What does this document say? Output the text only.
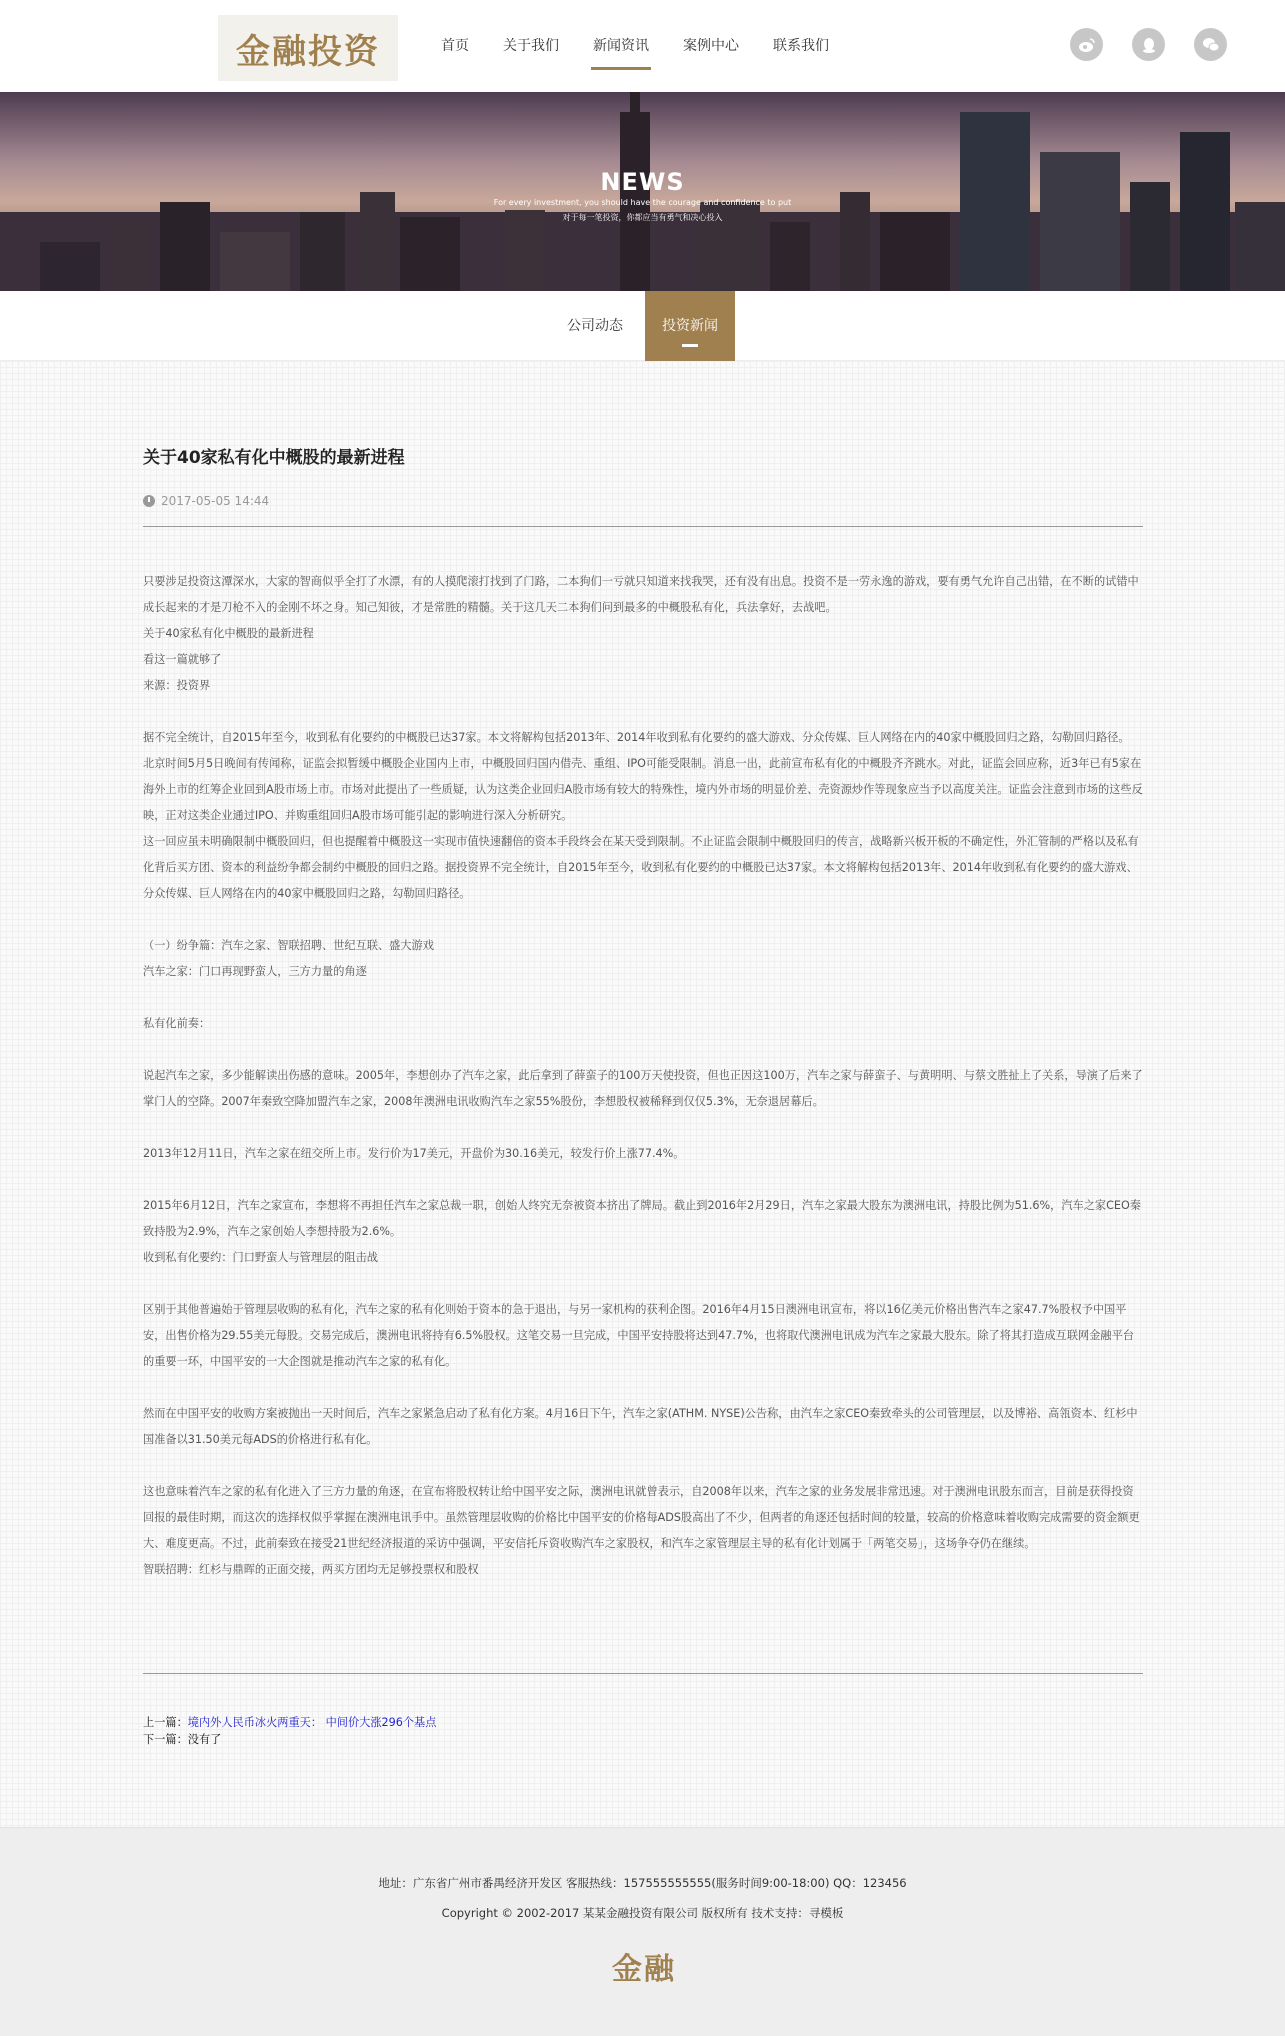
金融投资	首页	关于我们	新闻资讯	案例中心	联系我们
NEWS
For every investment, you should have the courage and confidence to put
对于每一笔投资，你都应当有勇气和决心投入
公司动态	投资新闻
关于40家私有化中概股的最新进程
2017-05-05 14:44

只要涉足投资这潭深水，大家的智商似乎全打了水漂，有的人摸爬滚打找到了门路，二本狗们一亏就只知道来找我哭，还有没有出息。投资不是一劳永逸的游戏，要有勇气允许自己出错，在不断的试错中成长起来的才是刀枪不入的金刚不坏之身。知己知彼，才是常胜的精髓。关于这几天二本狗们问到最多的中概股私有化，兵法拿好，去战吧。

关于40家私有化中概股的最新进程

看这一篇就够了

来源：投资界

据不完全统计，自2015年至今，收到私有化要约的中概股已达37家。本文将解构包括2013年、2014年收到私有化要约的盛大游戏、分众传媒、巨人网络在内的40家中概股回归之路，勾勒回归路径。

北京时间5月5日晚间有传闻称，证监会拟暂缓中概股企业国内上市，中概股回归国内借壳、重组、IPO可能受限制。消息一出，此前宣布私有化的中概股齐齐跳水。对此，证监会回应称，近3年已有5家在海外上市的红筹企业回到A股市场上市。市场对此提出了一些质疑，认为这类企业回归A股市场有较大的特殊性，境内外市场的明显价差、壳资源炒作等现象应当予以高度关注。证监会注意到市场的这些反映，正对这类企业通过IPO、并购重组回归A股市场可能引起的影响进行深入分析研究。

这一回应虽未明确限制中概股回归，但也提醒着中概股这一实现市值快速翻倍的资本手段终会在某天受到限制。不止证监会限制中概股回归的传言，战略新兴板开板的不确定性，外汇管制的严格以及私有化背后买方团、资本的利益纷争都会制约中概股的回归之路。据投资界不完全统计，自2015年至今，收到私有化要约的中概股已达37家。本文将解构包括2013年、2014年收到私有化要约的盛大游戏、分众传媒、巨人网络在内的40家中概股回归之路，勾勒回归路径。

（一）纷争篇：汽车之家、智联招聘、世纪互联、盛大游戏

汽车之家：门口再现野蛮人，三方力量的角逐

私有化前奏：

说起汽车之家，多少能解读出伤感的意味。2005年，李想创办了汽车之家，此后拿到了薛蛮子的100万天使投资，但也正因这100万，汽车之家与薛蛮子、与黄明明、与蔡文胜扯上了关系，导演了后来了掌门人的空降。2007年秦致空降加盟汽车之家，2008年澳洲电讯收购汽车之家55%股份，李想股权被稀释到仅仅5.3%，无奈退居幕后。

2013年12月11日，汽车之家在纽交所上市。发行价为17美元，开盘价为30.16美元，较发行价上涨77.4%。

2015年6月12日，汽车之家宣布，李想将不再担任汽车之家总裁一职，创始人终究无奈被资本挤出了牌局。截止到2016年2月29日，汽车之家最大股东为澳洲电讯，持股比例为51.6%，汽车之家CEO秦致持股为2.9%，汽车之家创始人李想持股为2.6%。

收到私有化要约：门口野蛮人与管理层的阻击战

区别于其他普遍始于管理层收购的私有化，汽车之家的私有化则始于资本的急于退出，与另一家机构的获利企图。2016年4月15日澳洲电讯宣布，将以16亿美元价格出售汽车之家47.7%股权予中国平安，出售价格为29.55美元每股。交易完成后，澳洲电讯将持有6.5%股权。这笔交易一旦完成，中国平安持股将达到47.7%，也将取代澳洲电讯成为汽车之家最大股东。除了将其打造成互联网金融平台的重要一环，中国平安的一大企图就是推动汽车之家的私有化。

然而在中国平安的收购方案被抛出一天时间后，汽车之家紧急启动了私有化方案。4月16日下午，汽车之家(ATHM. NYSE)公告称，由汽车之家CEO秦致牵头的公司管理层，以及博裕、高瓴资本、红杉中国准备以31.50美元每ADS的价格进行私有化。

这也意味着汽车之家的私有化进入了三方力量的角逐，在宣布将股权转让给中国平安之际，澳洲电讯就曾表示，自2008年以来，汽车之家的业务发展非常迅速。对于澳洲电讯股东而言，目前是获得投资回报的最佳时期，而这次的选择权似乎掌握在澳洲电讯手中。虽然管理层收购的价格比中国平安的价格每ADS股高出了不少，但两者的角逐还包括时间的较量，较高的价格意味着收购完成需要的资金额更大、难度更高。不过，此前秦致在接受21世纪经济报道的采访中强调，平安信托斥资收购汽车之家股权，和汽车之家管理层主导的私有化计划属于「两笔交易」，这场争夺仍在继续。

智联招聘：红杉与鼎晖的正面交接，两买方团均无足够投票权和股权

上一篇：境内外人民币冰火两重天： 中间价大涨296个基点
下一篇：没有了
地址：广东省广州市番禺经济开发区 客服热线：157555555555(服务时间9:00-18:00) QQ：123456
Copyright © 2002-2017 某某金融投资有限公司 版权所有 技术支持：寻模板
金融
